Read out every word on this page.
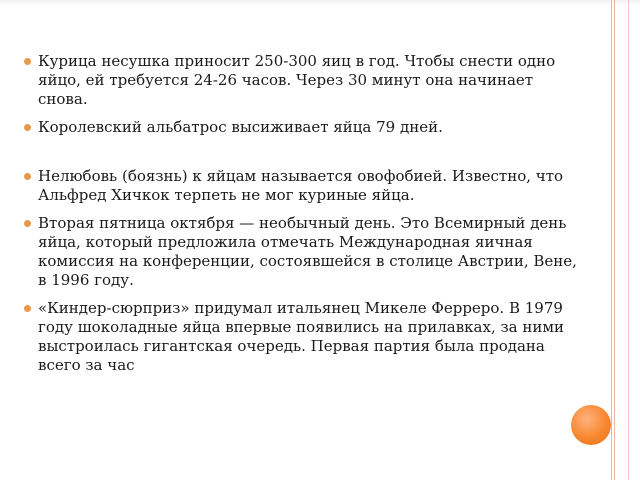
Курица несушка приносит 250-300 яиц в год. Чтобы снести одно яйцо, ей требуется 24-26 часов. Через 30 минут она начинает снова.
Королевский альбатрос высиживает яйца 79 дней.
Нелюбовь (боязнь) к яйцам называется овофобией. Известно, что Альфред Хичкок терпеть не мог куриные яйца.
Вторая пятница октября — необычный день. Это Всемирный день яйца, который предложила отмечать Международная яичная комиссия на конференции, состоявшейся в столице Австрии, Вене, в 1996 году.
«Киндер-сюрприз» придумал итальянец Микеле Ферреро. В 1979 году шоколадные яйца впервые появились на прилавках, за ними выстроилась гигантская очередь. Первая партия была продана всего за час
